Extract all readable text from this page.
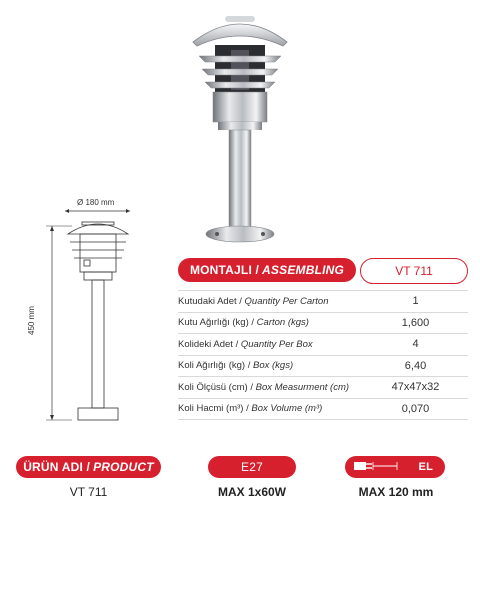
Ø 180 mm
450 mm
MONTAJLI / ASSEMBLING	VT 711
Kutudaki Adet / Quantity Per Carton	1
Kutu Ağırlığı (kg) / Carton (kgs)	1,600
Kolideki Adet / Quantity Per Box	4
Koli Ağırlığı (kg) / Box (kgs)	6,40
Koli Ölçüsü (cm) / Box Measurment (cm)	47x47x32
Koli Hacmi (m³) / Box Volume (m³)	0,070
ÜRÜN ADI / PRODUCT	E27	EL
VT 711	MAX 1x60W	MAX 120 mm
